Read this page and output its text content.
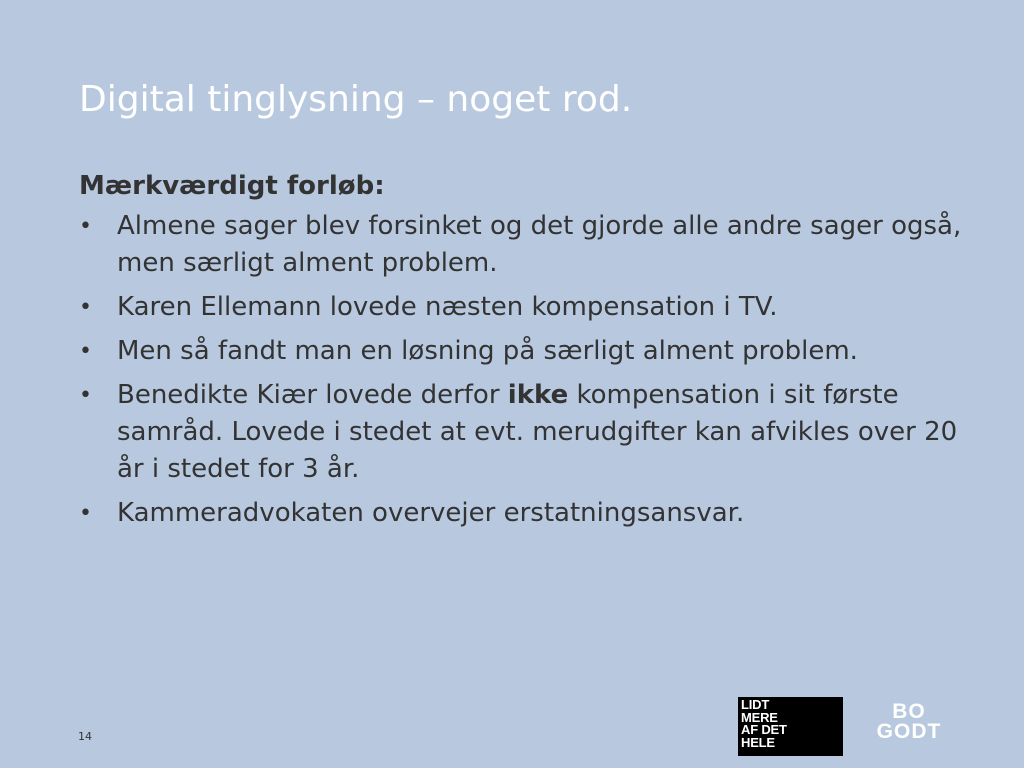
Digital tinglysning – noget rod.
Mærkværdigt forløb:
• Almene sager blev forsinket og det gjorde alle andre sager også, men særligt alment problem.
• Karen Ellemann lovede næsten kompensation i TV.
• Men så fandt man en løsning på særligt alment problem.
• Benedikte Kiær lovede derfor ikke kompensation i sit første samråd. Lovede i stedet at evt. merudgifter kan afvikles over 20 år i stedet for 3 år.
• Kammeradvokaten overvejer erstatningsansvar.
14
LIDT
MERE
AF DET
HELE
BO
GODT
